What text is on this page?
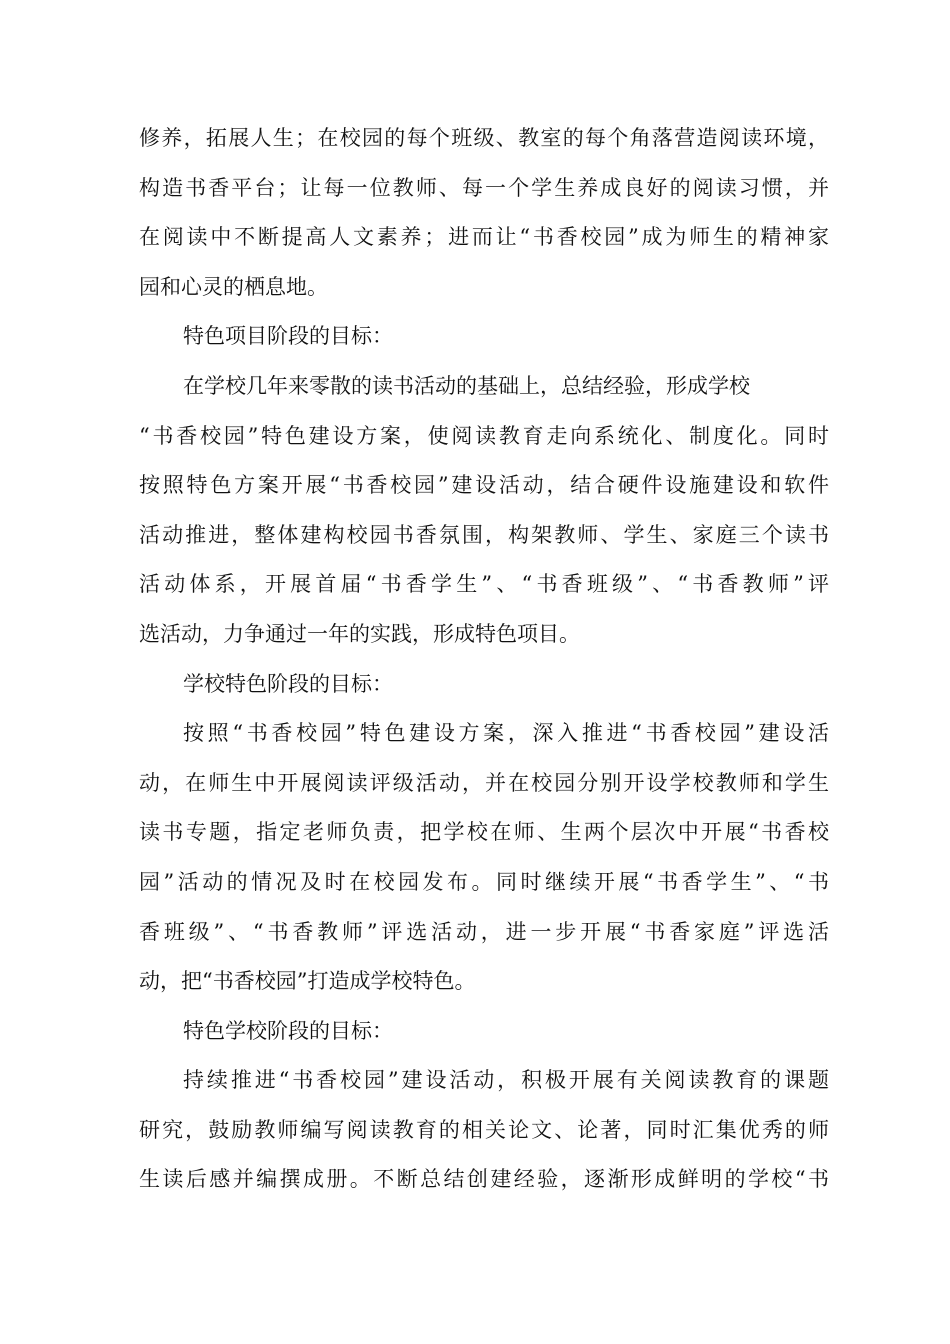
修养，拓展人生；在校园的每个班级、教室的每个角落营造阅读环境，
构造书香平台；让每一位教师、每一个学生养成良好的阅读习惯，并
在阅读中不断提高人文素养；进而让“书香校园”成为师生的精神家
园和心灵的栖息地。
特色项目阶段的目标：
在学校几年来零散的读书活动的基础上，总结经验，形成学校
“书香校园”特色建设方案，使阅读教育走向系统化、制度化。同时
按照特色方案开展“书香校园”建设活动，结合硬件设施建设和软件
活动推进，整体建构校园书香氛围，构架教师、学生、家庭三个读书
活动体系，开展首届“书香学生”、“书香班级”、“书香教师”评
选活动，力争通过一年的实践，形成特色项目。
学校特色阶段的目标：
按照“书香校园”特色建设方案，深入推进“书香校园”建设活
动，在师生中开展阅读评级活动，并在校园分别开设学校教师和学生
读书专题，指定老师负责，把学校在师、生两个层次中开展“书香校
园”活动的情况及时在校园发布。同时继续开展“书香学生”、“书
香班级”、“书香教师”评选活动，进一步开展“书香家庭”评选活
动，把“书香校园”打造成学校特色。
特色学校阶段的目标：
持续推进“书香校园”建设活动，积极开展有关阅读教育的课题
研究，鼓励教师编写阅读教育的相关论文、论著，同时汇集优秀的师
生读后感并编撰成册。不断总结创建经验，逐渐形成鲜明的学校“书
